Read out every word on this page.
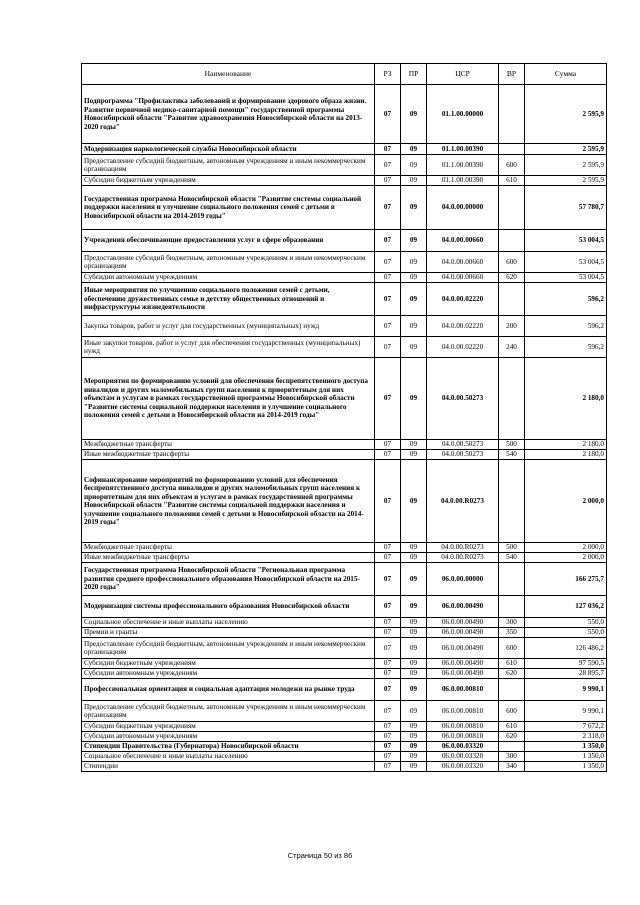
Наименование	РЗ	ПР	ЦСР	ВР	Сумма
Подпрограмма "Профилактика заболеваний и формирование здорового образа жизни. Развитие первичной медико-санитарной помощи" государственной программы Новосибирской области "Развитие здравоохранения Новосибирской области на 2013-2020 годы"	07	09	01.1.00.00000		2 595,9
Модернизация наркологической службы Новосибирской области	07	09	01.1.00.00390		2 595,9
Предоставление субсидий бюджетным, автономным учреждениям и иным некоммерческим организациям	07	09	01.1.00.00390	600	2 595,9
Субсидии бюджетным учреждениям	07	09	01.1.00.00390	610	2 595,9
Государственная программа Новосибирской области "Развитие системы социальной поддержки населения и улучшение социального положения семей с детьми в Новосибирской области на 2014-2019 годы"	07	09	04.0.00.00000		57 780,7
Учреждения обеспечивающие предоставления услуг в сфере образования	07	09	04.0.00.00660		53 004,5
Предоставление субсидий бюджетным, автономным учреждениям и иным некоммерческим организациям	07	09	04.0.00.00660	600	53 004,5
Субсидии автономным учреждениям	07	09	04.0.00.00660	620	53 004,5
Иные мероприятия по улучшению социального положения семей с детьми, обеспечению дружественных семье и детству общественных отношений и инфраструктуры жизнедеятельности	07	09	04.0.00.02220		596,2
Закупка товаров, работ и услуг для государственных (муниципальных) нужд	07	09	04.0.00.02220	200	596,2
Иные закупки товаров, работ и услуг для обеспечения государственных (муниципальных) нужд	07	09	04.0.00.02220	240	596,2
Мероприятия по формированию условий для обеспечения беспрепятственного доступа инвалидов и других маломобильных групп населения к приоритетным для них объектам и услугам в рамках государственной программы Новосибирской области "Развитие системы социальной поддержки населения и улучшение социального положения семей с детьми в Новосибирской области на 2014-2019 годы"	07	09	04.0.00.50273		2 180,0
Межбюджетные трансферты	07	09	04.0.00.50273	500	2 180,0
Иные межбюджетные трансферты	07	09	04.0.00.50273	540	2 180,0
Софинансирование мероприятий по формированию условий для обеспечения беспрепятственного доступа инвалидов и других маломобильных групп населения к приоритетным для них объектам и услугам в рамках государственной программы Новосибирской области "Развитие системы социальной поддержки населения и улучшение социального положения семей с детьми в Новосибирской области на 2014-2019 годы"	07	09	04.0.00.R0273		2 000,0
Межбюджетные трансферты	07	09	04.0.00.R0273	500	2 000,0
Иные межбюджетные трансферты	07	09	04.0.00.R0273	540	2 000,0
Государственная программа Новосибирской области "Региональная программа развития среднего профессионального образования Новосибирской области на 2015-2020 годы"	07	09	06.0.00.00000		166 275,7
Модернизация системы профессионального образования Новосибирской области	07	09	06.0.00.00490		127 036,2
Социальное обеспечение и иные выплаты населению	07	09	06.0.00.00490	300	550,0
Премии и гранты	07	09	06.0.00.00490	350	550,0
Предоставление субсидий бюджетным, автономным учреждениям и иным некоммерческим организациям	07	09	06.0.00.00490	600	126 486,2
Субсидии бюджетным учреждениям	07	09	06.0.00.00490	610	97 590,5
Субсидии автономным учреждениям	07	09	06.0.00.00490	620	28 895,7
Профессиональная ориентация и социальная адаптация молодежи на рынке труда	07	09	06.0.00.00810		9 990,1
Предоставление субсидий бюджетным, автономным учреждениям и иным некоммерческим организациям	07	09	06.0.00.00810	600	9 990,1
Субсидии бюджетным учреждениям	07	09	06.0.00.00810	610	7 672,2
Субсидии автономным учреждениям	07	09	06.0.00.00810	620	2 318,0
Стипендии Правительства (Губернатора) Новосибирской области	07	09	06.0.00.03320		1 350,0
Социальное обеспечение и иные выплаты населению	07	09	06.0.00.03320	300	1 350,0
Стипендии	07	09	06.0.00.03320	340	1 350,0
Страница 50 из 86
